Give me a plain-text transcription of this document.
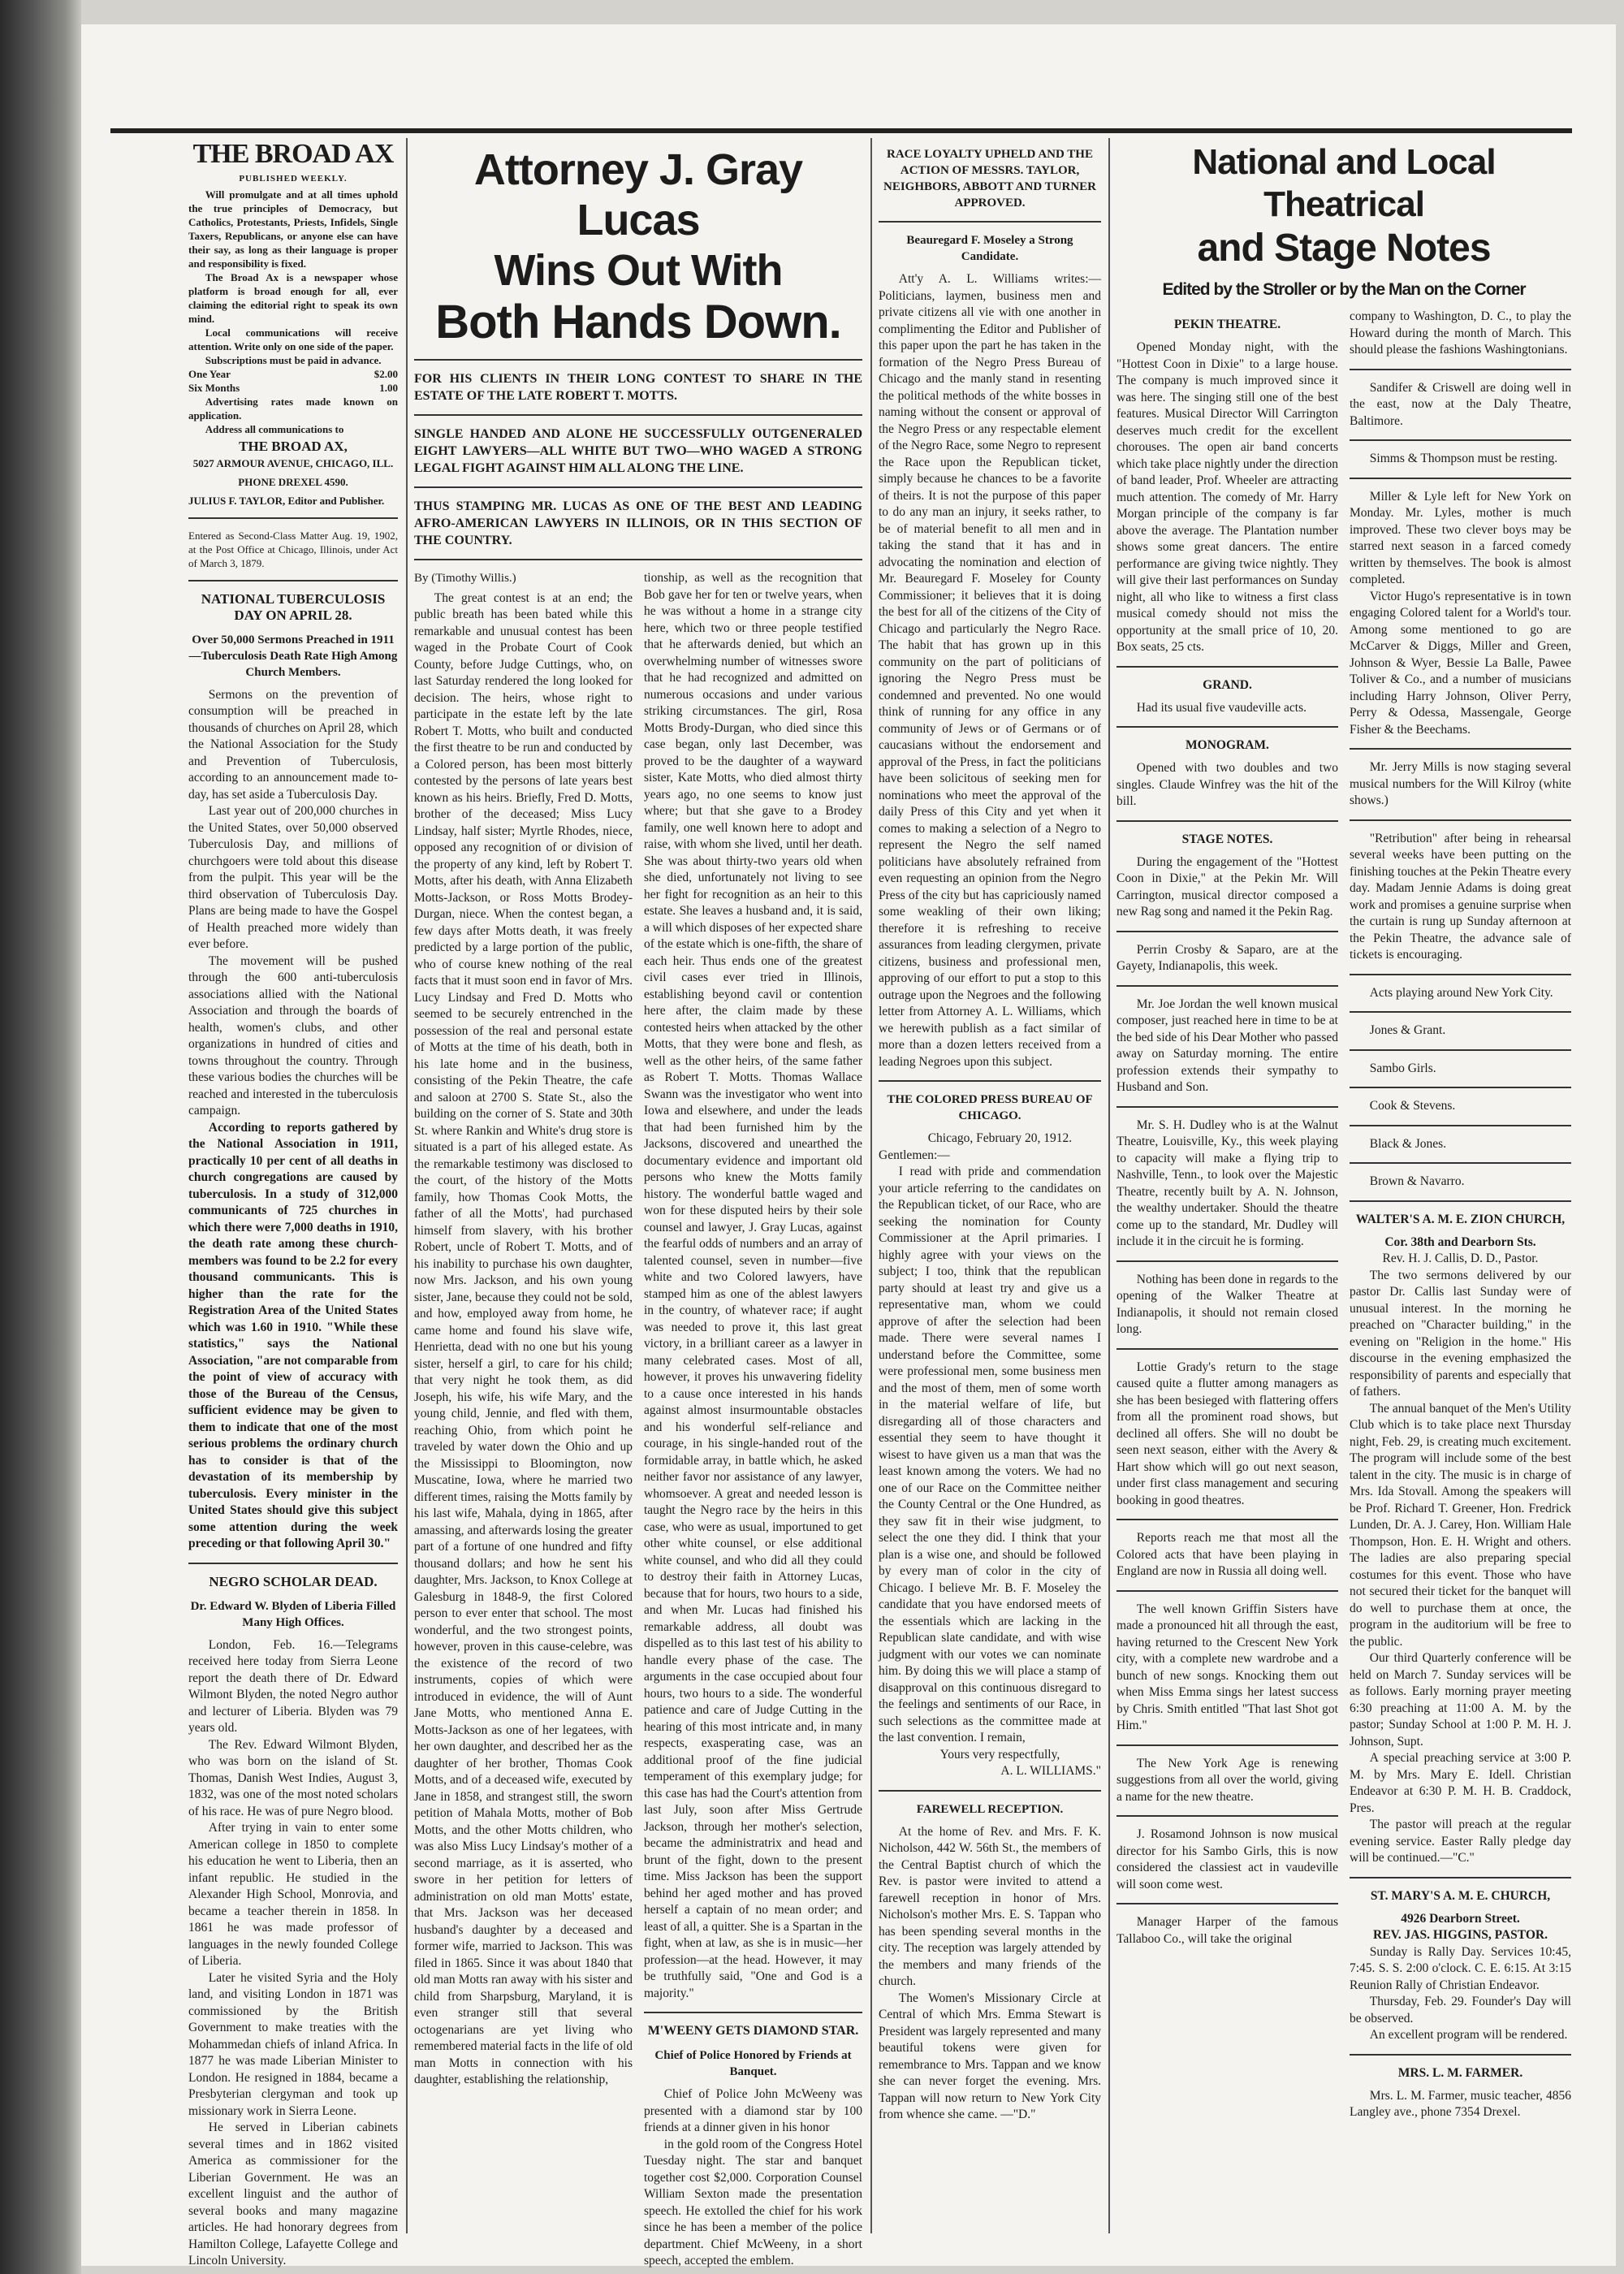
THE BROAD AX
PUBLISHED WEEKLY.

Will promulgate and at all times uphold the true principles of Democracy, but Catholics, Protestants, Priests, Infidels, Single Taxers, Republicans, or anyone else can have their say, as long as their language is proper and responsibility is fixed.

The Broad Ax is a newspaper whose platform is broad enough for all, ever claiming the editorial right to speak its own mind.

Local communications will receive attention. Write only on one side of the paper.

Subscriptions must be paid in advance.

One Year	$2.00
Six Months	1.00

Advertising rates made known on application.

Address all communications to

THE BROAD AX,
5027 ARMOUR AVENUE, CHICAGO, ILL.
PHONE DREXEL 4590.
JULIUS F. TAYLOR, Editor and Publisher.
Entered as Second-Class Matter Aug. 19, 1902, at the Post Office at Chicago, Illinois, under Act of March 3, 1879.
NATIONAL TUBERCULOSIS DAY ON APRIL 28.
Over 50,000 Sermons Preached in 1911—Tuberculosis Death Rate High Among Church Members.

Sermons on the prevention of consumption will be preached in thousands of churches on April 28, which the National Association for the Study and Prevention of Tuberculosis, according to an announcement made to-day, has set aside a Tuberculosis Day.

Last year out of 200,000 churches in the United States, over 50,000 observed Tuberculosis Day, and millions of churchgoers were told about this disease from the pulpit. This year will be the third observation of Tuberculosis Day. Plans are being made to have the Gospel of Health preached more widely than ever before.

The movement will be pushed through the 600 anti-tuberculosis associations allied with the National Association and through the boards of health, women's clubs, and other organizations in hundred of cities and towns throughout the country. Through these various bodies the churches will be reached and interested in the tuberculosis campaign.

According to reports gathered by the National Association in 1911, practically 10 per cent of all deaths in church congregations are caused by tuberculosis. In a study of 312,000 communicants of 725 churches in which there were 7,000 deaths in 1910, the death rate among these church-members was found to be 2.2 for every thousand communicants. This is higher than the rate for the Registration Area of the United States which was 1.60 in 1910. "While these statistics," says the National Association, "are not comparable from the point of view of accuracy with those of the Bureau of the Census, sufficient evidence may be given to them to indicate that one of the most serious problems the ordinary church has to consider is that of the devastation of its membership by tuberculosis. Every minister in the United States should give this subject some attention during the week preceding or that following April 30."

NEGRO SCHOLAR DEAD.
Dr. Edward W. Blyden of Liberia Filled Many High Offices.

London, Feb. 16.—Telegrams received here today from Sierra Leone report the death there of Dr. Edward Wilmont Blyden, the noted Negro author and lecturer of Liberia. Blyden was 79 years old.

The Rev. Edward Wilmont Blyden, who was born on the island of St. Thomas, Danish West Indies, August 3, 1832, was one of the most noted scholars of his race. He was of pure Negro blood.

After trying in vain to enter some American college in 1850 to complete his education he went to Liberia, then an infant republic. He studied in the Alexander High School, Monrovia, and became a teacher therein in 1858. In 1861 he was made professor of languages in the newly founded College of Liberia.

Later he visited Syria and the Holy land, and visiting London in 1871 was commissioned by the British Government to make treaties with the Mohammedan chiefs of inland Africa. In 1877 he was made Liberian Minister to London. He resigned in 1884, became a Presbyterian clergyman and took up missionary work in Sierra Leone.

He served in Liberian cabinets several times and in 1862 visited America as commissioner for the Liberian Government. He was an excellent linguist and the author of several books and many magazine articles. He had honorary degrees from Hamilton College, Lafayette College and Lincoln University.

Attorney J. Gray Lucas
Wins Out With
Both Hands Down.
FOR HIS CLIENTS IN THEIR LONG CONTEST TO SHARE IN THE ESTATE OF THE LATE ROBERT T. MOTTS.
SINGLE HANDED AND ALONE HE SUCCESSFULLY OUTGENERALED EIGHT LAWYERS—ALL WHITE BUT TWO—WHO WAGED A STRONG LEGAL FIGHT AGAINST HIM ALL ALONG THE LINE.
THUS STAMPING MR. LUCAS AS ONE OF THE BEST AND LEADING AFRO-AMERICAN LAWYERS IN ILLINOIS, OR IN THIS SECTION OF THE COUNTRY.
By (Timothy Willis.)

The great contest is at an end; the public breath has been bated while this remarkable and unusual contest has been waged in the Probate Court of Cook County, before Judge Cuttings, who, on last Saturday rendered the long looked for decision. The heirs, whose right to participate in the estate left by the late Robert T. Motts, who built and conducted the first theatre to be run and conducted by a Colored person, has been most bitterly contested by the persons of late years best known as his heirs. Briefly, Fred D. Motts, brother of the deceased; Miss Lucy Lindsay, half sister; Myrtle Rhodes, niece, opposed any recognition of or division of the property of any kind, left by Robert T. Motts, after his death, with Anna Elizabeth Motts-Jackson, or Ross Motts Brodey-Durgan, niece. When the contest began, a few days after Motts death, it was freely predicted by a large portion of the public, who of course knew nothing of the real facts that it must soon end in favor of Mrs. Lucy Lindsay and Fred D. Motts who seemed to be securely entrenched in the possession of the real and personal estate of Motts at the time of his death, both in his late home and in the business, consisting of the Pekin Theatre, the cafe and saloon at 2700 S. State St., also the building on the corner of S. State and 30th St. where Rankin and White's drug store is situated is a part of his alleged estate. As the remarkable testimony was disclosed to the court, of the history of the Motts family, how Thomas Cook Motts, the father of all the Motts', had purchased himself from slavery, with his brother Robert, uncle of Robert T. Motts, and of his inability to purchase his own daughter, now Mrs. Jackson, and his own young sister, Jane, because they could not be sold, and how, employed away from home, he came home and found his slave wife, Henrietta, dead with no one but his young sister, herself a girl, to care for his child; that very night he took them, as did Joseph, his wife, his wife Mary, and the young child, Jennie, and fled with them, reaching Ohio, from which point he traveled by water down the Ohio and up the Mississippi to Bloomington, now Muscatine, Iowa, where he married two different times, raising the Motts family by his last wife, Mahala, dying in 1865, after amassing, and afterwards losing the greater part of a fortune of one hundred and fifty thousand dollars; and how he sent his daughter, Mrs. Jackson, to Knox College at Galesburg in 1848-9, the first Colored person to ever enter that school. The most wonderful, and the two strongest points, however, proven in this cause-celebre, was the existence of the record of two instruments, copies of which were introduced in evidence, the will of Aunt Jane Motts, who mentioned Anna E. Motts-Jackson as one of her legatees, with her own daughter, and described her as the daughter of her brother, Thomas Cook Motts, and of a deceased wife, executed by Jane in 1858, and strangest still, the sworn petition of Mahala Motts, mother of Bob Motts, and the other Motts children, who was also Miss Lucy Lindsay's mother of a second marriage, as it is asserted, who swore in her petition for letters of administration on old man Motts' estate, that Mrs. Jackson was her deceased husband's daughter by a deceased and former wife, married to Jackson. This was filed in 1865. Since it was about 1840 that old man Motts ran away with his sister and child from Sharpsburg, Maryland, it is even stranger still that several octogenarians are yet living who remembered material facts in the life of old man Motts in connection with his daughter, establishing the relationship,

tionship, as well as the recognition that Bob gave her for ten or twelve years, when he was without a home in a strange city here, which two or three people testified that he afterwards denied, but which an overwhelming number of witnesses swore that he had recognized and admitted on numerous occasions and under various striking circumstances. The girl, Rosa Motts Brody-Durgan, who died since this case began, only last December, was proved to be the daughter of a wayward sister, Kate Motts, who died almost thirty years ago, no one seems to know just where; but that she gave to a Brodey family, one well known here to adopt and raise, with whom she lived, until her death. She was about thirty-two years old when she died, unfortunately not living to see her fight for recognition as an heir to this estate. She leaves a husband and, it is said, a will which disposes of her expected share of the estate which is one-fifth, the share of each heir. Thus ends one of the greatest civil cases ever tried in Illinois, establishing beyond cavil or contention here after, the claim made by these contested heirs when attacked by the other Motts, that they were bone and flesh, as well as the other heirs, of the same father as Robert T. Motts. Thomas Wallace Swann was the investigator who went into Iowa and elsewhere, and under the leads that had been furnished him by the Jacksons, discovered and unearthed the documentary evidence and important old persons who knew the Motts family history. The wonderful battle waged and won for these disputed heirs by their sole counsel and lawyer, J. Gray Lucas, against the fearful odds of numbers and an array of talented counsel, seven in number—five white and two Colored lawyers, have stamped him as one of the ablest lawyers in the country, of whatever race; if aught was needed to prove it, this last great victory, in a brilliant career as a lawyer in many celebrated cases. Most of all, however, it proves his unwavering fidelity to a cause once interested in his hands against almost insurmountable obstacles and his wonderful self-reliance and courage, in his single-handed rout of the formidable array, in battle which, he asked neither favor nor assistance of any lawyer, whomsoever. A great and needed lesson is taught the Negro race by the heirs in this case, who were as usual, importuned to get other white counsel, or else additional white counsel, and who did all they could to destroy their faith in Attorney Lucas, because that for hours, two hours to a side, and when Mr. Lucas had finished his remarkable address, all doubt was dispelled as to this last test of his ability to handle every phase of the case. The arguments in the case occupied about four hours, two hours to a side. The wonderful patience and care of Judge Cutting in the hearing of this most intricate and, in many respects, exasperating case, was an additional proof of the fine judicial temperament of this exemplary judge; for this case has had the Court's attention from last July, soon after Miss Gertrude Jackson, through her mother's selection, became the administratrix and head and brunt of the fight, down to the present time. Miss Jackson has been the support behind her aged mother and has proved herself a captain of no mean order; and least of all, a quitter. She is a Spartan in the fight, when at law, as she is in music—her profession—at the head. However, it may be truthfully said, "One and God is a majority."

M'WEENY GETS DIAMOND STAR.
Chief of Police Honored by Friends at Banquet.

Chief of Police John McWeeny was presented with a diamond star by 100 friends at a dinner given in his honor

in the gold room of the Congress Hotel Tuesday night. The star and banquet together cost $2,000. Corporation Counsel William Sexton made the presentation speech. He extolled the chief for his work since he has been a member of the police department. Chief McWeeny, in a short speech, accepted the emblem.

RACE LOYALTY UPHELD AND THE ACTION OF MESSRS. TAYLOR, NEIGHBORS, ABBOTT AND TURNER APPROVED.
Beauregard F. Moseley a Strong Candidate.

Att'y A. L. Williams writes:—Politicians, laymen, business men and private citizens all vie with one another in complimenting the Editor and Publisher of this paper upon the part he has taken in the formation of the Negro Press Bureau of Chicago and the manly stand in resenting the political methods of the white bosses in naming without the consent or approval of the Negro Press or any respectable element of the Negro Race, some Negro to represent the Race upon the Republican ticket, simply because he chances to be a favorite of theirs. It is not the purpose of this paper to do any man an injury, it seeks rather, to be of material benefit to all men and in taking the stand that it has and in advocating the nomination and election of Mr. Beauregard F. Moseley for County Commissioner; it believes that it is doing the best for all of the citizens of the City of Chicago and particularly the Negro Race. The habit that has grown up in this community on the part of politicians of ignoring the Negro Press must be condemned and prevented. No one would think of running for any office in any community of Jews or of Germans or of caucasians without the endorsement and approval of the Press, in fact the politicians have been solicitous of seeking men for nominations who meet the approval of the daily Press of this City and yet when it comes to making a selection of a Negro to represent the Negro the self named politicians have absolutely refrained from even requesting an opinion from the Negro Press of the city but has capriciously named some weakling of their own liking; therefore it is refreshing to receive assurances from leading clergymen, private citizens, business and professional men, approving of our effort to put a stop to this outrage upon the Negroes and the following letter from Attorney A. L. Williams, which we herewith publish as a fact similar of more than a dozen letters received from a leading Negroes upon this subject.

THE COLORED PRESS BUREAU OF CHICAGO.

Chicago, February 20, 1912.

Gentlemen:—

I read with pride and commendation your article referring to the candidates on the Republican ticket, of our Race, who are seeking the nomination for County Commissioner at the April primaries. I highly agree with your views on the subject; I too, think that the republican party should at least try and give us a representative man, whom we could approve of after the selection had been made. There were several names I understand before the Committee, some were professional men, some business men and the most of them, men of some worth in the material welfare of life, but disregarding all of those characters and essential they seem to have thought it wisest to have given us a man that was the least known among the voters. We had no one of our Race on the Committee neither the County Central or the One Hundred, as they saw fit in their wise judgment, to select the one they did. I think that your plan is a wise one, and should be followed by every man of color in the city of Chicago. I believe Mr. B. F. Moseley the candidate that you have endorsed meets of the essentials which are lacking in the Republican slate candidate, and with wise judgment with our votes we can nominate him. By doing this we will place a stamp of disapproval on this continuous disregard to the feelings and sentiments of our Race, in such selections as the committee made at the last convention. I remain,

Yours very respectfully,

A. L. WILLIAMS."

FAREWELL RECEPTION.

At the home of Rev. and Mrs. F. K. Nicholson, 442 W. 56th St., the members of the Central Baptist church of which the Rev. is pastor were invited to attend a farewell reception in honor of Mrs. Nicholson's mother Mrs. E. S. Tappan who has been spending several months in the city. The reception was largely attended by the members and many friends of the church.

The Women's Missionary Circle at Central of which Mrs. Emma Stewart is President was largely represented and many beautiful tokens were given for remembrance to Mrs. Tappan and we know she can never forget the evening. Mrs. Tappan will now return to New York City from whence she came. —"D."

National and Local Theatrical
and Stage Notes
Edited by the Stroller or by the Man on the Corner
PEKIN THEATRE.

Opened Monday night, with the "Hottest Coon in Dixie" to a large house. The company is much improved since it was here. The singing still one of the best features. Musical Director Will Carrington deserves much credit for the excellent chorouses. The open air band concerts which take place nightly under the direction of band leader, Prof. Wheeler are attracting much attention. The comedy of Mr. Harry Morgan principle of the company is far above the average. The Plantation number shows some great dancers. The entire performance are giving twice nightly. They will give their last performances on Sunday night, all who like to witness a first class musical comedy should not miss the opportunity at the small price of 10, 20. Box seats, 25 cts.

GRAND.

Had its usual five vaudeville acts.

MONOGRAM.

Opened with two doubles and two singles. Claude Winfrey was the hit of the bill.

STAGE NOTES.

During the engagement of the "Hottest Coon in Dixie," at the Pekin Mr. Will Carrington, musical director composed a new Rag song and named it the Pekin Rag.

Perrin Crosby & Saparo, are at the Gayety, Indianapolis, this week.

Mr. Joe Jordan the well known musical composer, just reached here in time to be at the bed side of his Dear Mother who passed away on Saturday morning. The entire profession extends their sympathy to Husband and Son.

Mr. S. H. Dudley who is at the Walnut Theatre, Louisville, Ky., this week playing to capacity will make a flying trip to Nashville, Tenn., to look over the Majestic Theatre, recently built by A. N. Johnson, the wealthy undertaker. Should the theatre come up to the standard, Mr. Dudley will include it in the circuit he is forming.

Nothing has been done in regards to the opening of the Walker Theatre at Indianapolis, it should not remain closed long.

Lottie Grady's return to the stage caused quite a flutter among managers as she has been besieged with flattering offers from all the prominent road shows, but declined all offers. She will no doubt be seen next season, either with the Avery & Hart show which will go out next season, under first class management and securing booking in good theatres.

Reports reach me that most all the Colored acts that have been playing in England are now in Russia all doing well.

The well known Griffin Sisters have made a pronounced hit all through the east, having returned to the Crescent New York city, with a complete new wardrobe and a bunch of new songs. Knocking them out when Miss Emma sings her latest success by Chris. Smith entitled "That last Shot got Him."

The New York Age is renewing suggestions from all over the world, giving a name for the new theatre.

J. Rosamond Johnson is now musical director for his Sambo Girls, this is now considered the classiest act in vaudeville will soon come west.

Manager Harper of the famous Tallaboo Co., will take the original

company to Washington, D. C., to play the Howard during the month of March. This should please the fashions Washingtonians.

Sandifer & Criswell are doing well in the east, now at the Daly Theatre, Baltimore.

Simms & Thompson must be resting.

Miller & Lyle left for New York on Monday. Mr. Lyles, mother is much improved. These two clever boys may be starred next season in a farced comedy written by themselves. The book is almost completed.

Victor Hugo's representative is in town engaging Colored talent for a World's tour. Among some mentioned to go are McCarver & Diggs, Miller and Green, Johnson & Wyer, Bessie La Balle, Pawee Toliver & Co., and a number of musicians including Harry Johnson, Oliver Perry, Perry & Odessa, Massengale, George Fisher & the Beechams.

Mr. Jerry Mills is now staging several musical numbers for the Will Kilroy (white shows.)

"Retribution" after being in rehearsal several weeks have been putting on the finishing touches at the Pekin Theatre every day. Madam Jennie Adams is doing great work and promises a genuine surprise when the curtain is rung up Sunday afternoon at the Pekin Theatre, the advance sale of tickets is encouraging.

Acts playing around New York City.

Jones & Grant.

Sambo Girls.

Cook & Stevens.

Black & Jones.

Brown & Navarro.

WALTER'S A. M. E. ZION CHURCH,
Cor. 38th and Dearborn Sts.
Rev. H. J. Callis, D. D., Pastor.

The two sermons delivered by our pastor Dr. Callis last Sunday were of unusual interest. In the morning he preached on "Character building," in the evening on "Religion in the home." His discourse in the evening emphasized the responsibility of parents and especially that of fathers.

The annual banquet of the Men's Utility Club which is to take place next Thursday night, Feb. 29, is creating much excitement. The program will include some of the best talent in the city. The music is in charge of Mrs. Ida Stovall. Among the speakers will be Prof. Richard T. Greener, Hon. Fredrick Lunden, Dr. A. J. Carey, Hon. William Hale Thompson, Hon. E. H. Wright and others. The ladies are also preparing special costumes for this event. Those who have not secured their ticket for the banquet will do well to purchase them at once, the program in the auditorium will be free to the public.

Our third Quarterly conference will be held on March 7. Sunday services will be as follows. Early morning prayer meeting 6:30 preaching at 11:00 A. M. by the pastor; Sunday School at 1:00 P. M. H. J. Johnson, Supt.

A special preaching service at 3:00 P. M. by Mrs. Mary E. Idell. Christian Endeavor at 6:30 P. M. H. B. Craddock, Pres.

The pastor will preach at the regular evening service. Easter Rally pledge day will be continued.—"C."

ST. MARY'S A. M. E. CHURCH,
4926 Dearborn Street.
REV. JAS. HIGGINS, PASTOR.

Sunday is Rally Day. Services 10:45, 7:45. S. S. 2:00 o'clock. C. E. 6:15. At 3:15 Reunion Rally of Christian Endeavor.

Thursday, Feb. 29. Founder's Day will be observed.

An excellent program will be rendered.

MRS. L. M. FARMER.

Mrs. L. M. Farmer, music teacher, 4856 Langley ave., phone 7354 Drexel.
